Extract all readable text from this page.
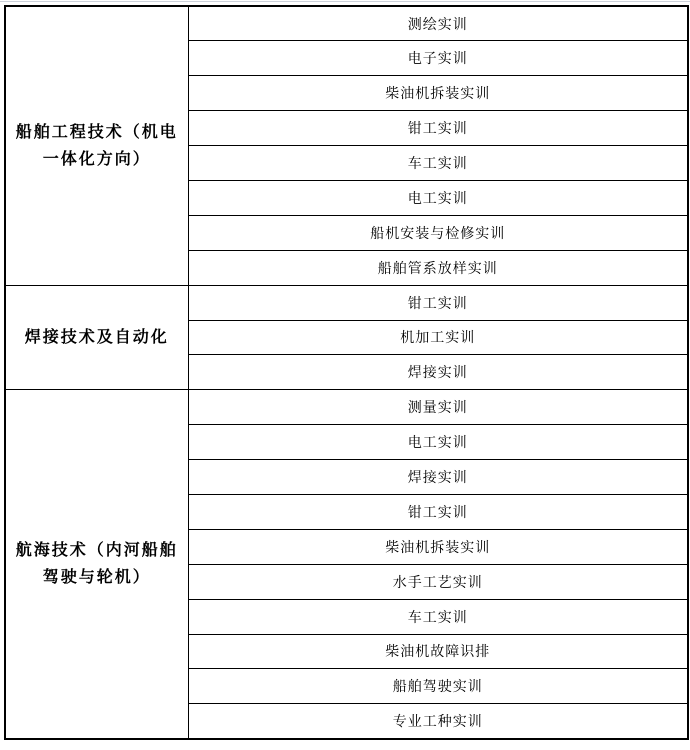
船舶工程技术（机电一体化方向）	测绘实训
	电子实训
	柴油机拆装实训
	钳工实训
	车工实训
	电工实训
	船机安装与检修实训
	船舶管系放样实训
焊接技术及自动化	钳工实训
	机加工实训
	焊接实训
航海技术（内河船舶驾驶与轮机）	测量实训
	电工实训
	焊接实训
	钳工实训
	柴油机拆装实训
	水手工艺实训
	车工实训
	柴油机故障识排
	船舶驾驶实训
	专业工种实训
